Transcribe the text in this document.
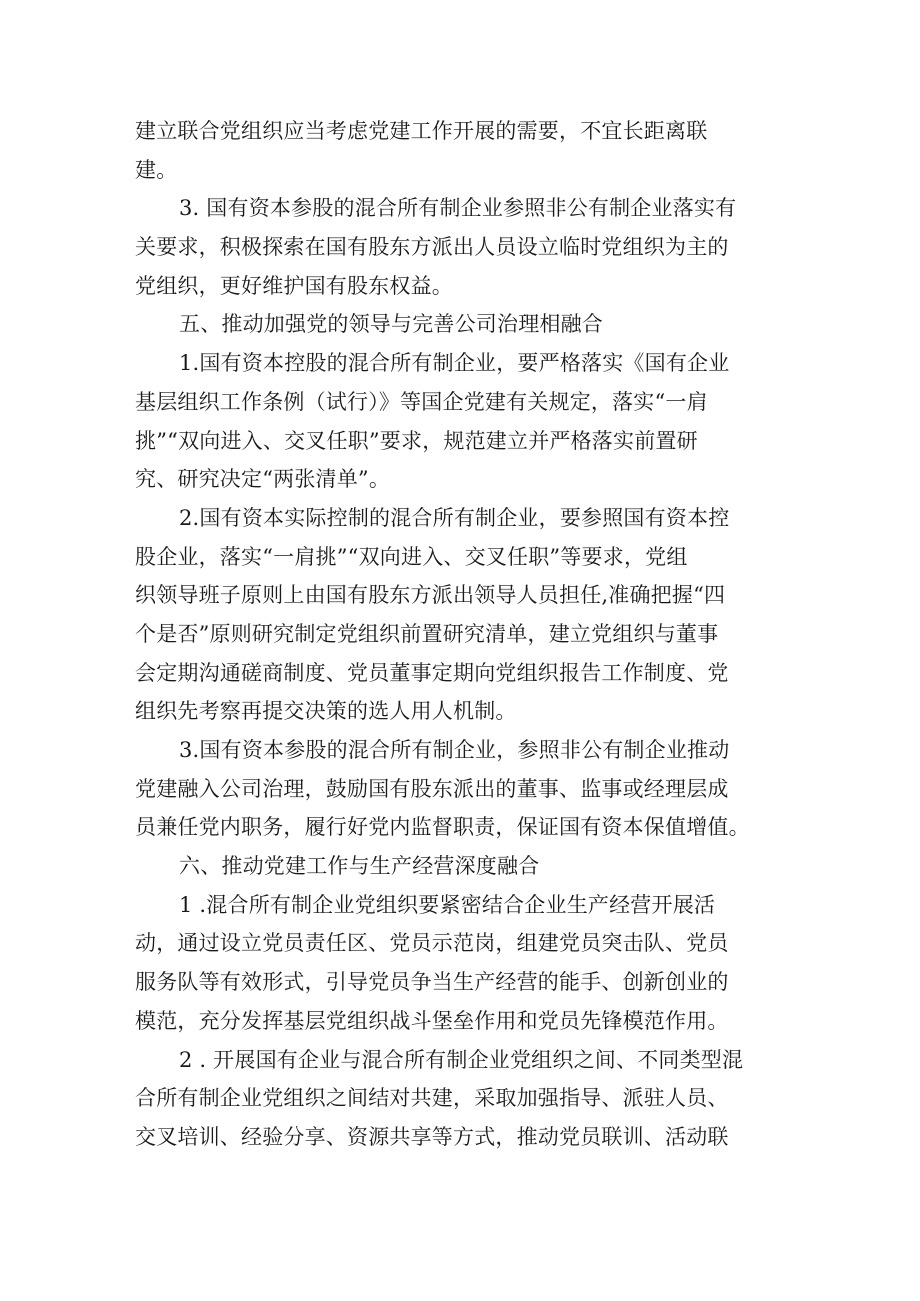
建立联合党组织应当考虑党建工作开展的需要，不宜长距离联
建。
3. 国有资本参股的混合所有制企业参照非公有制企业落实有
关要求，积极探索在国有股东方派出人员设立临时党组织为主的
党组织，更好维护国有股东权益。
五、推动加强党的领导与完善公司治理相融合
1.国有资本控股的混合所有制企业，要严格落实《国有企业
基层组织工作条例（试行）》等国企党建有关规定，落实“一肩
挑”“双向进入、交叉任职”要求，规范建立并严格落实前置研
究、研究决定“两张清单”。
2.国有资本实际控制的混合所有制企业，要参照国有资本控
股企业，落实“一肩挑”“双向进入、交叉任职”等要求，党组
织领导班子原则上由国有股东方派出领导人员担任,准确把握“四
个是否”原则研究制定党组织前置研究清单，建立党组织与董事
会定期沟通磋商制度、党员董事定期向党组织报告工作制度、党
组织先考察再提交决策的选人用人机制。
3.国有资本参股的混合所有制企业，参照非公有制企业推动
党建融入公司治理，鼓励国有股东派出的董事、监事或经理层成
员兼任党内职务，履行好党内监督职责，保证国有资本保值增值。
六、推动党建工作与生产经营深度融合
1 .混合所有制企业党组织要紧密结合企业生产经营开展活
动，通过设立党员责任区、党员示范岗，组建党员突击队、党员
服务队等有效形式，引导党员争当生产经营的能手、创新创业的
模范，充分发挥基层党组织战斗堡垒作用和党员先锋模范作用。
2 . 开展国有企业与混合所有制企业党组织之间、不同类型混
合所有制企业党组织之间结对共建，采取加强指导、派驻人员、
交叉培训、经验分享、资源共享等方式，推动党员联训、活动联
